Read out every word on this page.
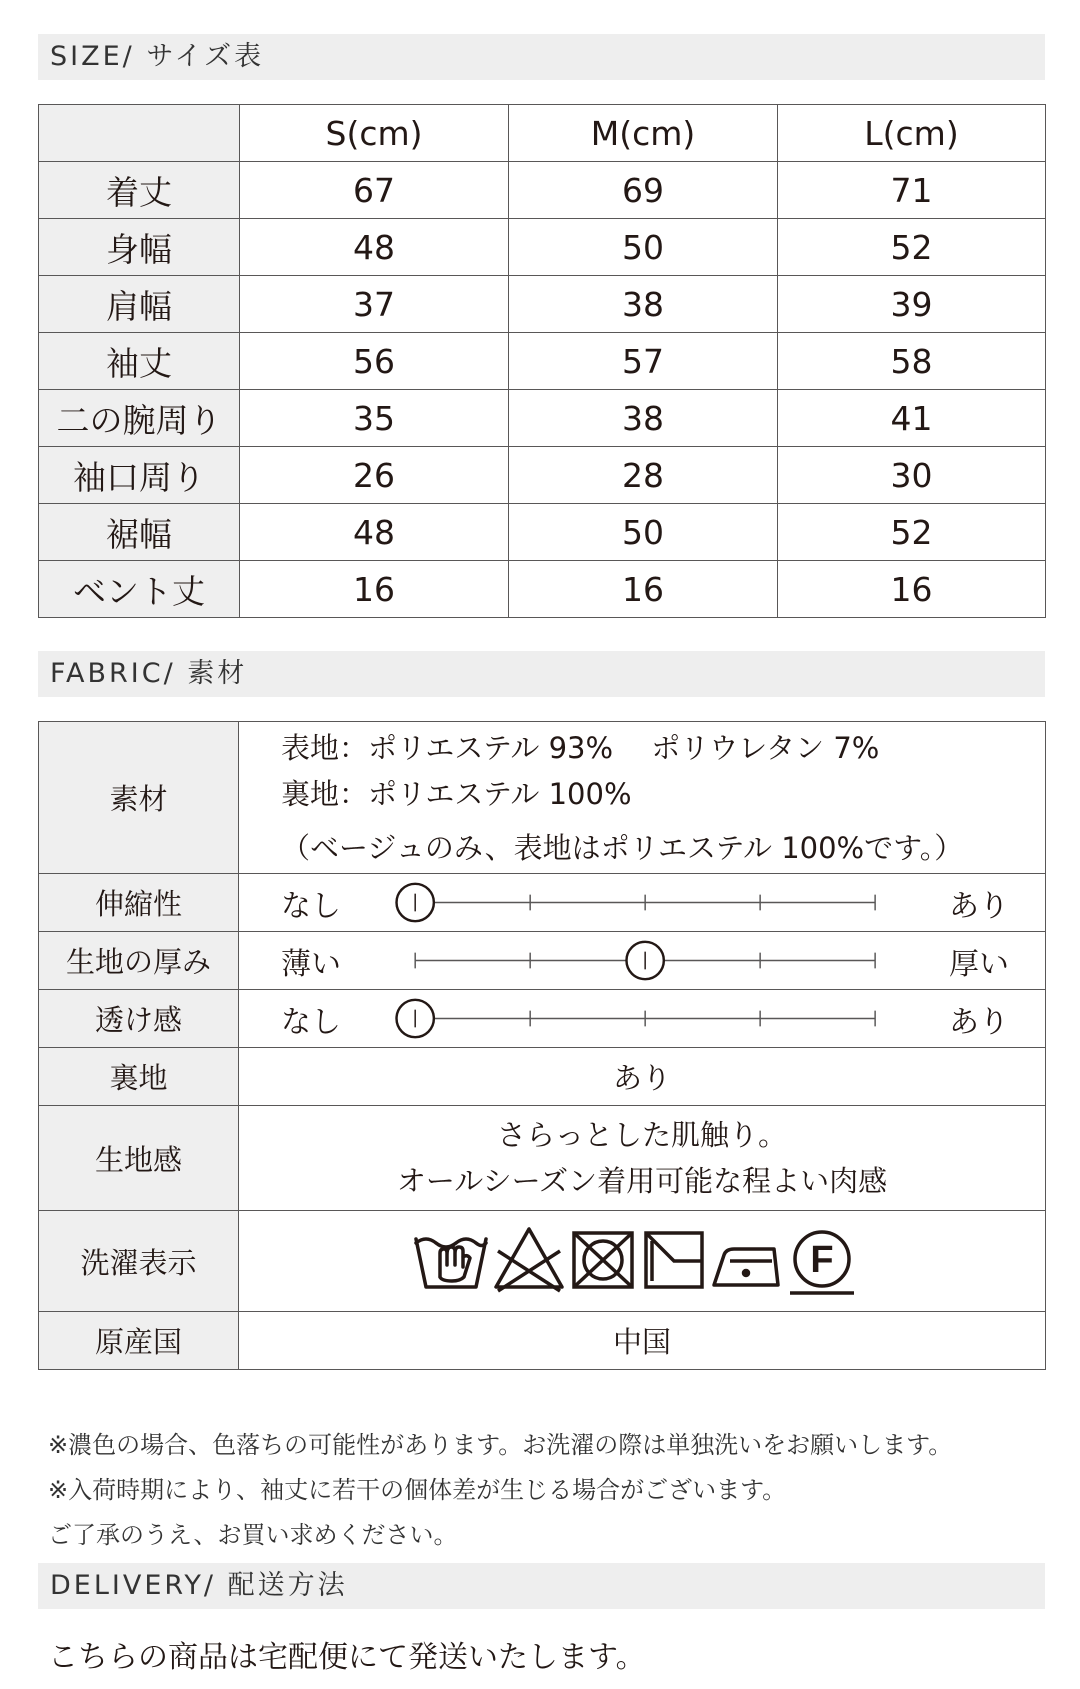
SIZE/ サイズ表
	S(cm)	M(cm)	L(cm)
着丈	67	69	71
身幅	48	50	52
肩幅	37	38	39
袖丈	56	57	58
二の腕周り	35	38	41
袖口周り	26	28	30
裾幅	48	50	52
ベント丈	16	16	16
FABRIC/ 素材
素材	表地：ポリエステル 93%　 ポリウレタン 7%
裏地：ポリエステル 100%
（ベージュのみ、表地はポリエステル 100%です。）

伸縮性	なし あり

生地の厚み	薄い 厚い

透け感	なし あり

裏地	あり
生地感	さらっとした肌触り。
オールシーズン着用可能な程よい肉感

洗濯表示	F

原産国	中国
※濃色の場合、色落ちの可能性があります。お洗濯の際は単独洗いをお願いします。
※入荷時期により、袖丈に若干の個体差が生じる場合がございます。
ご了承のうえ、お買い求めください。
DELIVERY/ 配送方法
こちらの商品は宅配便にて発送いたします。
